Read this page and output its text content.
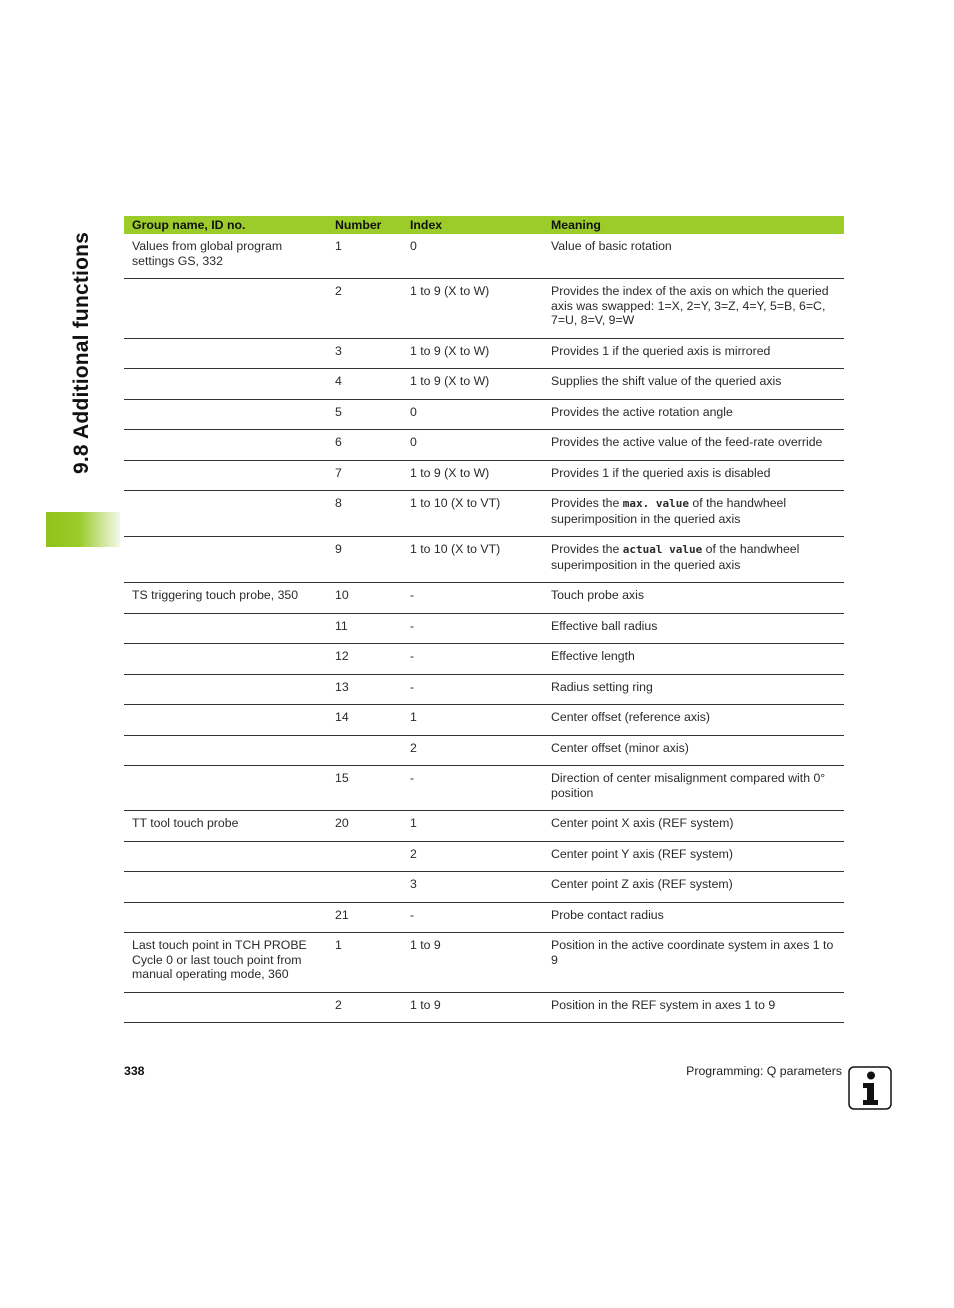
9.8 Additional functions
Group name, ID no.	Number	Index	Meaning
Values from global program settings GS, 332	1	0	Value of basic rotation
	2	1 to 9 (X to W)	Provides the index of the axis on which the queried axis was swapped: 1=X, 2=Y, 3=Z, 4=Y, 5=B, 6=C, 7=U, 8=V, 9=W
	3	1 to 9 (X to W)	Provides 1 if the queried axis is mirrored
	4	1 to 9 (X to W)	Supplies the shift value of the queried axis
	5	0	Provides the active rotation angle
	6	0	Provides the active value of the feed-rate override
	7	1 to 9 (X to W)	Provides 1 if the queried axis is disabled
	8	1 to 10 (X to VT)	Provides the max. value of the handwheel superimposition in the queried axis
	9	1 to 10 (X to VT)	Provides the actual value of the handwheel superimposition in the queried axis
TS triggering touch probe, 350	10	-	Touch probe axis
	11	-	Effective ball radius
	12	-	Effective length
	13	-	Radius setting ring
	14	1	Center offset (reference axis)
		2	Center offset (minor axis)
	15	-	Direction of center misalignment compared with 0° position
TT tool touch probe	20	1	Center point X axis (REF system)
		2	Center point Y axis (REF system)
		3	Center point Z axis (REF system)
	21	-	Probe contact radius
Last touch point in TCH PROBE Cycle 0 or last touch point from manual operating mode, 360	1	1 to 9	Position in the active coordinate system in axes 1 to 9
	2	1 to 9	Position in the REF system in axes 1 to 9
338	Programming: Q parameters
